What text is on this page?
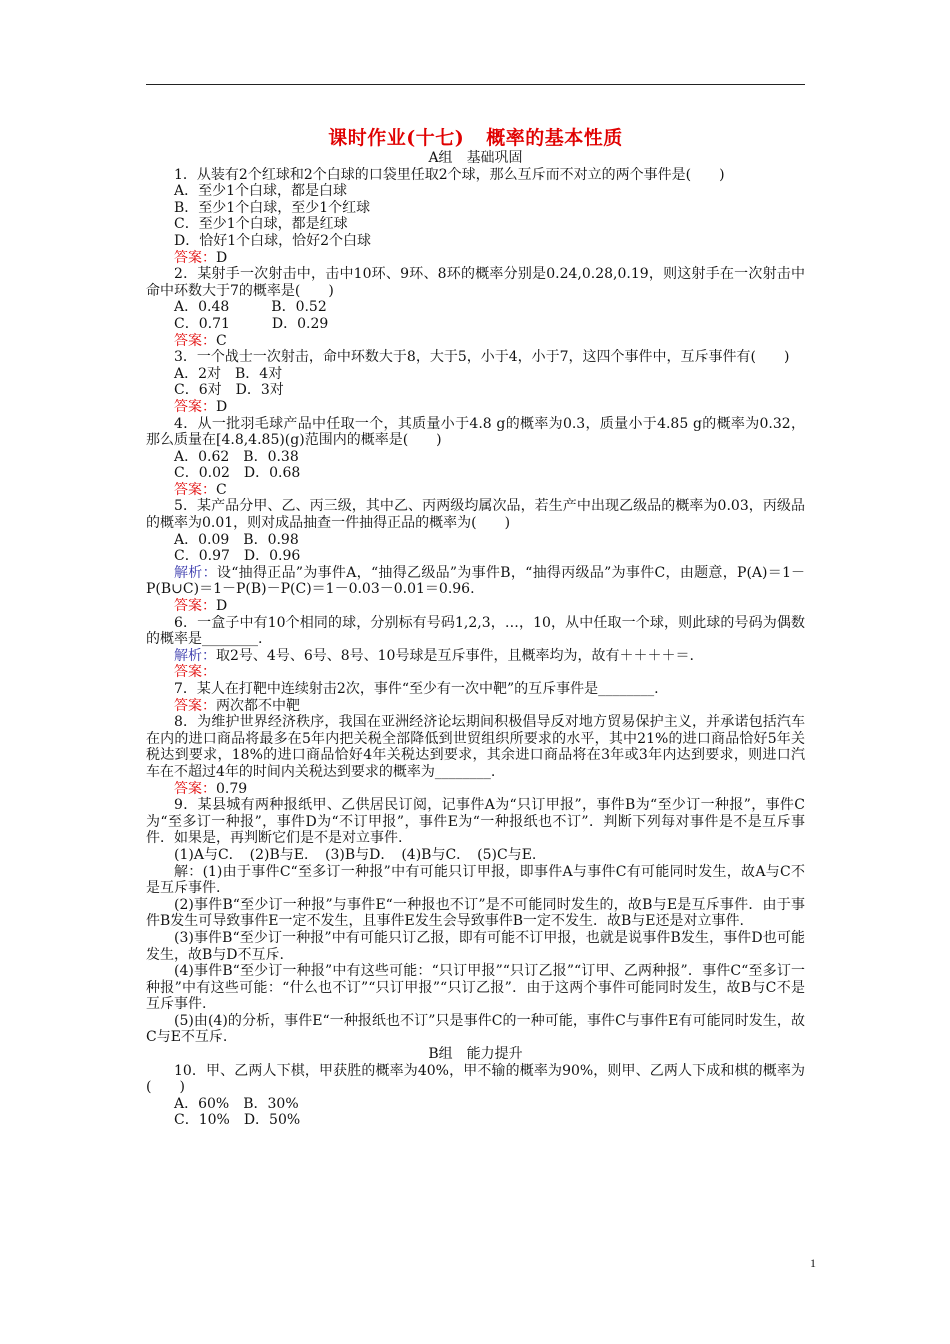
课时作业(十七) 概率的基本性质
A组 基础巩固

1．从装有2个红球和2个白球的口袋里任取2个球，那么互斥而不对立的两个事件是(　　)

A．至少1个白球，都是白球

B．至少1个白球，至少1个红球

C．至少1个白球，都是红球

D．恰好1个白球，恰好2个白球

答案：D

2．某射手一次射击中，击中10环、9环、8环的概率分别是0.24,0.28,0.19，则这射手在一次射击中命中环数大于7的概率是(　　)

A．0.48　　　B．0.52

C．0.71　　　D．0.29

答案：C

3．一个战士一次射击，命中环数大于8，大于5，小于4，小于7，这四个事件中，互斥事件有(　　)

A．2对　B．4对

C．6对　D．3对

答案：D

4．从一批羽毛球产品中任取一个，其质量小于4.8 g的概率为0.3，质量小于4.85 g的概率为0.32，那么质量在[4.8,4.85)(g)范围内的概率是(　　)

A．0.62　B．0.38

C．0.02　D．0.68

答案：C

5．某产品分甲、乙、丙三级，其中乙、丙两级均属次品，若生产中出现乙级品的概率为0.03，丙级品的概率为0.01，则对成品抽查一件抽得正品的概率为(　　)

A．0.09　B．0.98

C．0.97　D．0.96

解析：设“抽得正品”为事件A，“抽得乙级品”为事件B，“抽得丙级品”为事件C，由题意，P(A)＝1－P(B∪C)＝1－P(B)－P(C)＝1－0.03－0.01＝0.96.

答案：D

6．一盒子中有10个相同的球，分别标有号码1,2,3，…，10，从中任取一个球，则此球的号码为偶数的概率是________.

解析：取2号、4号、6号、8号、10号球是互斥事件，且概率均为，故有＋＋＋＋＝.

答案：

7．某人在打靶中连续射击2次，事件“至少有一次中靶”的互斥事件是________.

答案：两次都不中靶

8．为维护世界经济秩序，我国在亚洲经济论坛期间积极倡导反对地方贸易保护主义，并承诺包括汽车在内的进口商品将最多在5年内把关税全部降低到世贸组织所要求的水平，其中21%的进口商品恰好5年关税达到要求，18%的进口商品恰好4年关税达到要求，其余进口商品将在3年或3年内达到要求，则进口汽车在不超过4年的时间内关税达到要求的概率为________.

答案：0.79

9．某县城有两种报纸甲、乙供居民订阅，记事件A为“只订甲报”，事件B为“至少订一种报”，事件C为“至多订一种报”，事件D为“不订甲报”，事件E为“一种报纸也不订”．判断下列每对事件是不是互斥事件．如果是，再判断它们是不是对立事件.

(1)A与C．　(2)B与E．　(3)B与D．　(4)B与C．　(5)C与E.

解：(1)由于事件C“至多订一种报”中有可能只订甲报，即事件A与事件C有可能同时发生，故A与C不是互斥事件.

(2)事件B“至少订一种报”与事件E“一种报也不订”是不可能同时发生的，故B与E是互斥事件．由于事件B发生可导致事件E一定不发生，且事件E发生会导致事件B一定不发生．故B与E还是对立事件.

(3)事件B“至少订一种报”中有可能只订乙报，即有可能不订甲报，也就是说事件B发生，事件D也可能发生，故B与D不互斥.

(4)事件B“至少订一种报”中有这些可能：“只订甲报”“只订乙报”“订甲、乙两种报”．事件C“至多订一种报”中有这些可能：“什么也不订”“只订甲报”“只订乙报”．由于这两个事件可能同时发生，故B与C不是互斥事件.

(5)由(4)的分析，事件E“一种报纸也不订”只是事件C的一种可能，事件C与事件E有可能同时发生，故C与E不互斥.

B组 能力提升

10．甲、乙两人下棋，甲获胜的概率为40%，甲不输的概率为90%，则甲、乙两人下成和棋的概率为(　　)

A．60%　B．30%

C．10%　D．50%

1
